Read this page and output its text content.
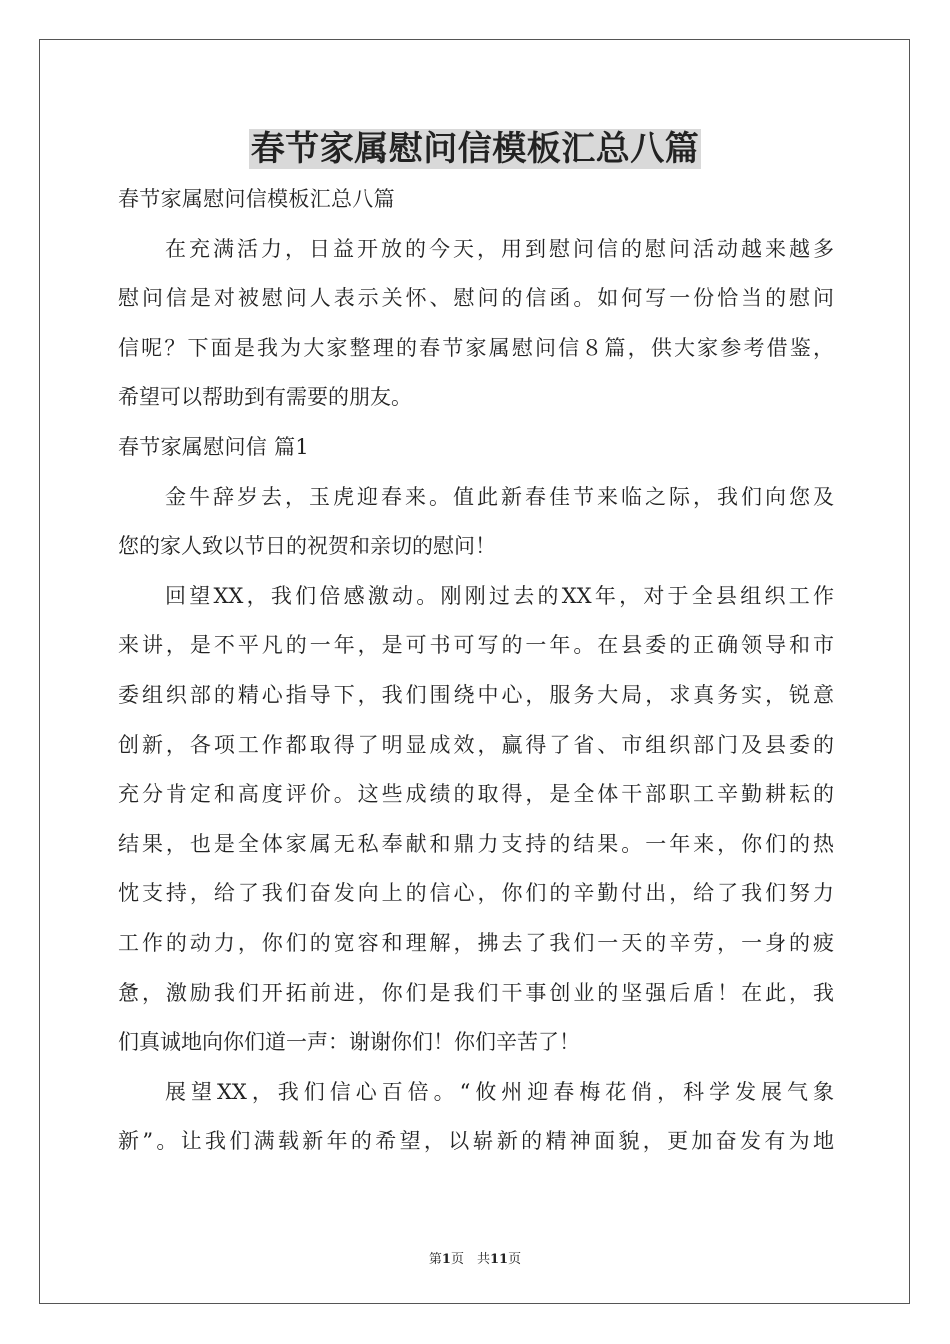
春节家属慰问信模板汇总八篇
春节家属慰问信模板汇总八篇
在充满活力，日益开放的今天，用到慰问信的慰问活动越来越多
慰问信是对被慰问人表示关怀、慰问的信函。如何写一份恰当的慰问
信呢？下面是我为大家整理的春节家属慰问信８篇，供大家参考借鉴，
希望可以帮助到有需要的朋友。
春节家属慰问信 篇1
金牛辞岁去，玉虎迎春来。值此新春佳节来临之际，我们向您及
您的家人致以节日的祝贺和亲切的慰问！
回望XX，我们倍感激动。刚刚过去的XX年，对于全县组织工作
来讲，是不平凡的一年，是可书可写的一年。在县委的正确领导和市
委组织部的精心指导下，我们围绕中心，服务大局，求真务实，锐意
创新，各项工作都取得了明显成效，赢得了省、市组织部门及县委的
充分肯定和高度评价。这些成绩的取得，是全体干部职工辛勤耕耘的
结果，也是全体家属无私奉献和鼎力支持的结果。一年来，你们的热
忱支持，给了我们奋发向上的信心，你们的辛勤付出，给了我们努力
工作的动力，你们的宽容和理解，拂去了我们一天的辛劳，一身的疲
惫，激励我们开拓前进，你们是我们干事创业的坚强后盾！在此，我
们真诚地向你们道一声：谢谢你们！你们辛苦了！
展望XX，我们信心百倍。“攸州迎春梅花俏，科学发展气象
新”。让我们满载新年的希望，以崭新的精神面貌，更加奋发有为地
第1页　共11页
